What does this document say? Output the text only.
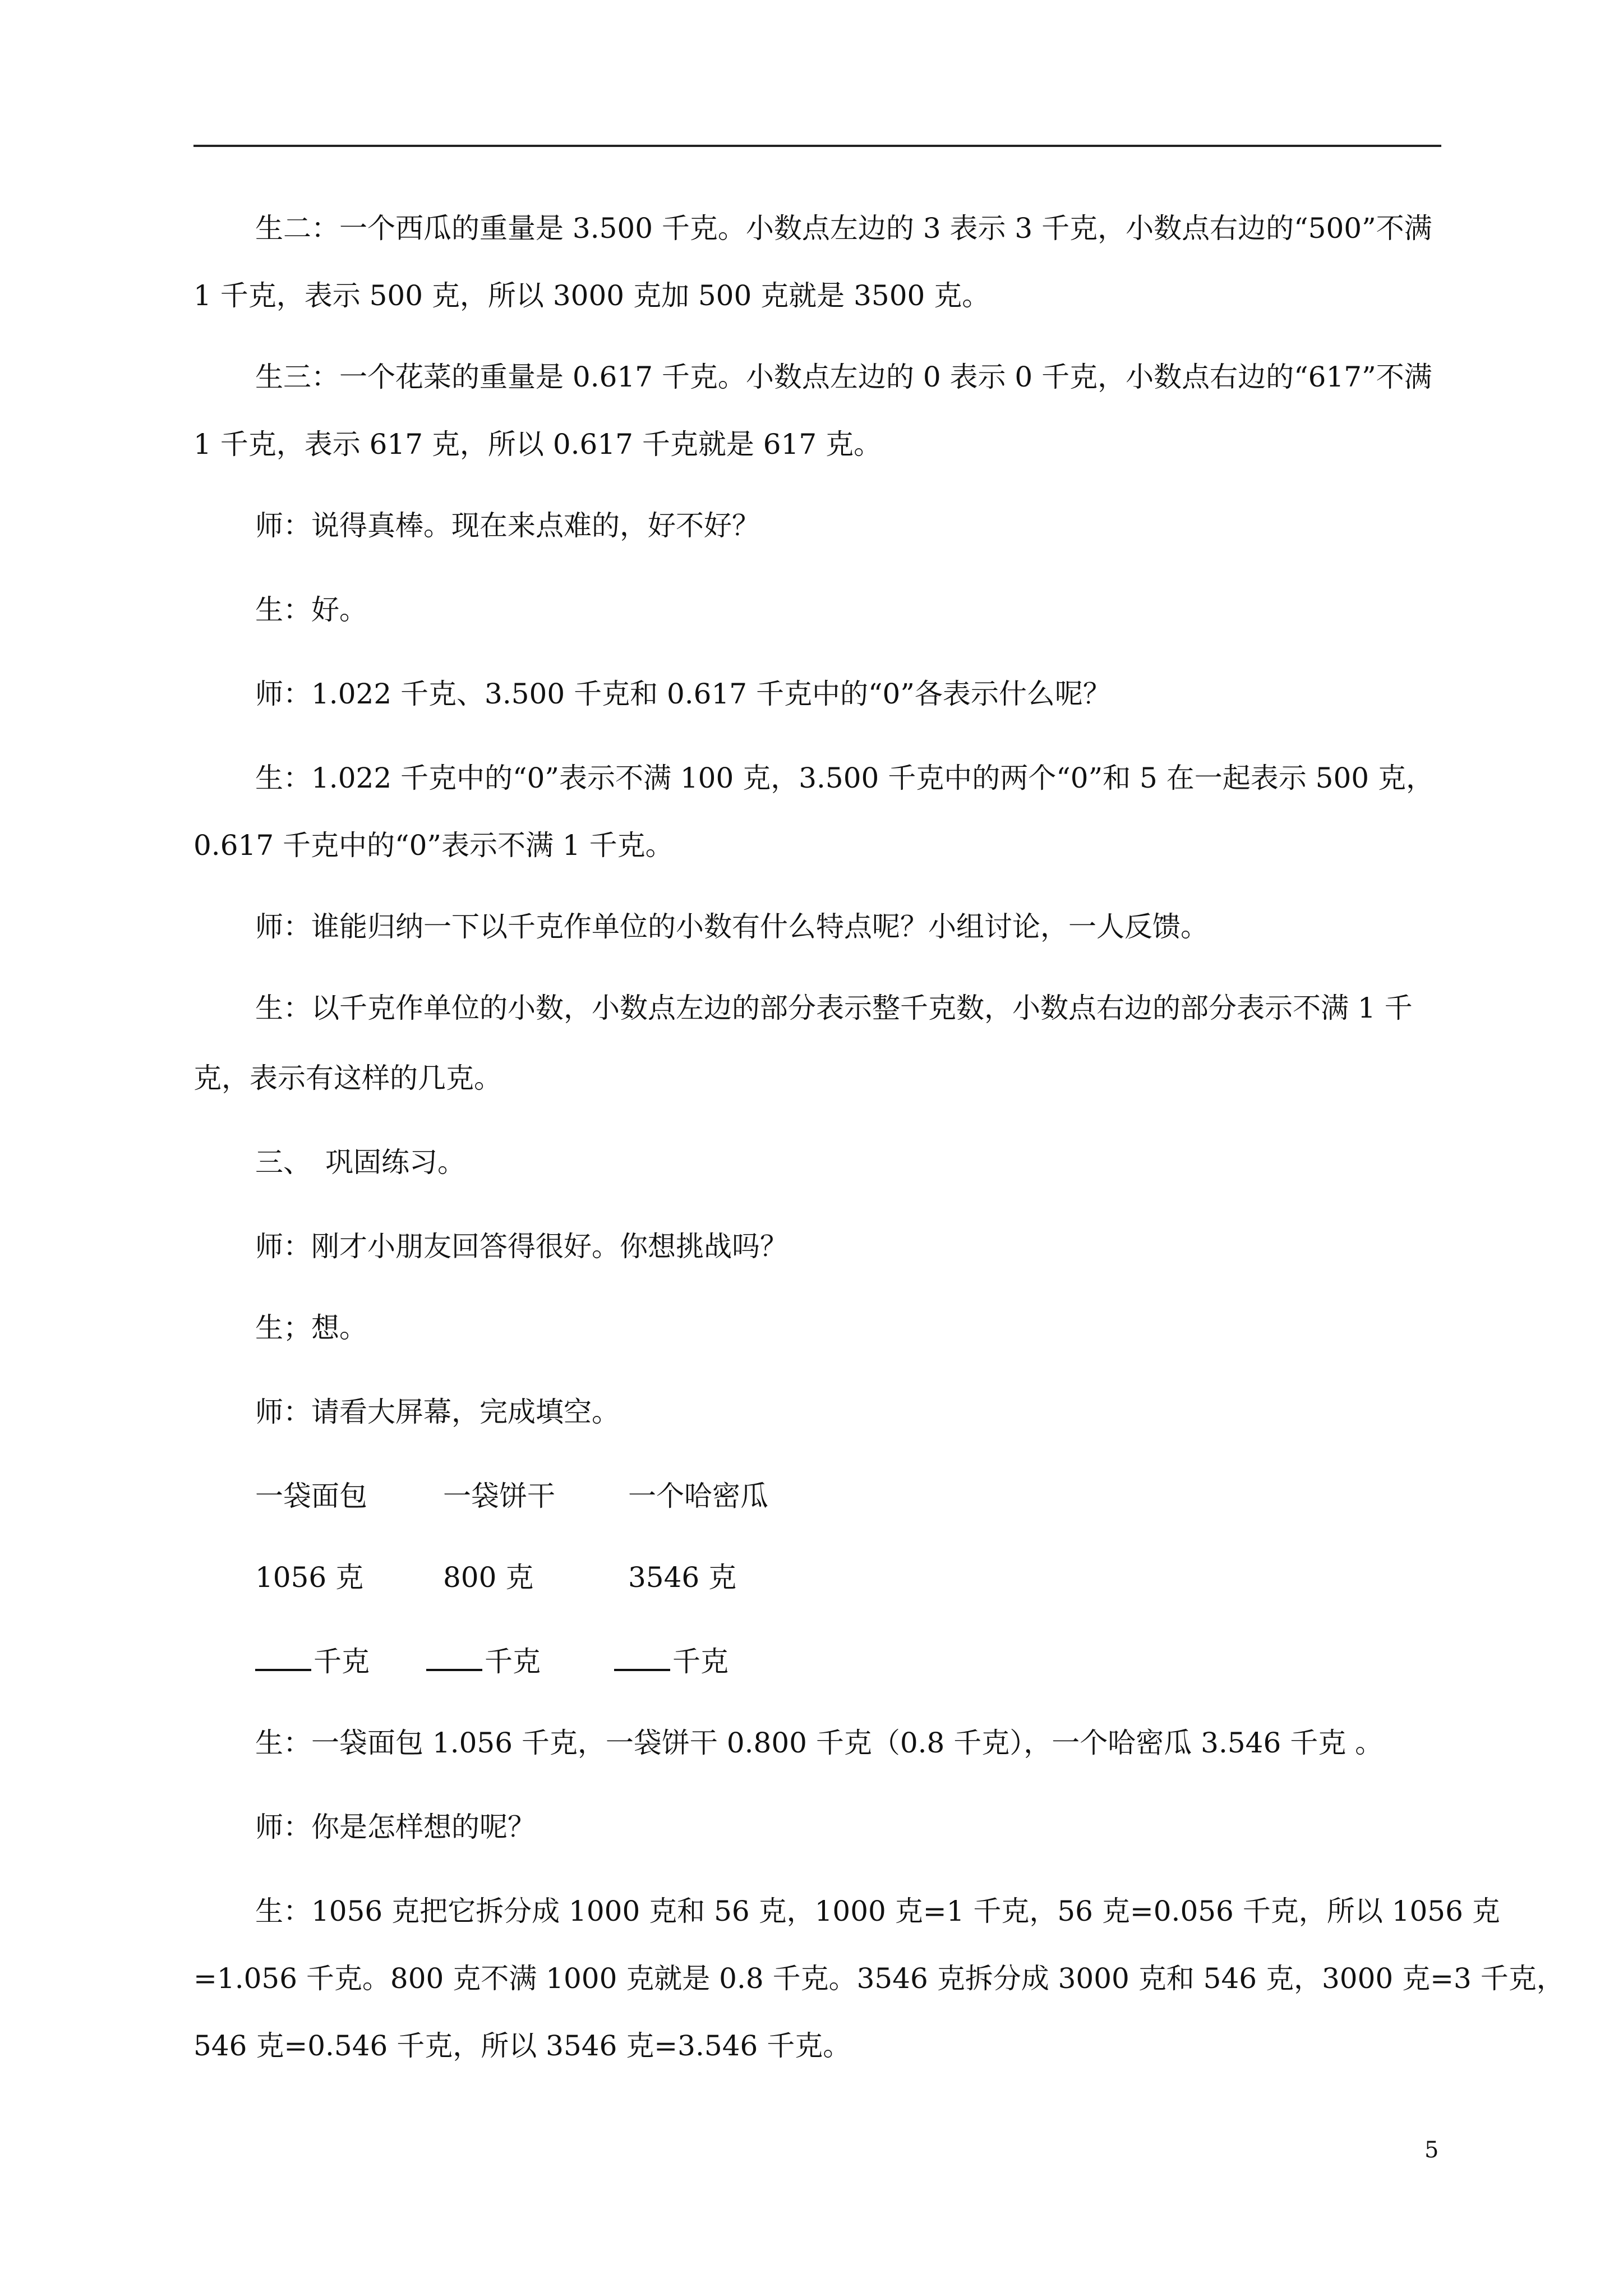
生二：一个西瓜的重量是 3.500 千克。小数点左边的 3 表示 3 千克，小数点右边的“500”不满
1 千克，表示 500 克，所以 3000 克加 500 克就是 3500 克。
生三：一个花菜的重量是 0.617 千克。小数点左边的 0 表示 0 千克，小数点右边的“617”不满
1 千克，表示 617 克，所以 0.617 千克就是 617 克。
师：说得真棒。现在来点难的，好不好？
生：好。
师：1.022 千克、3.500 千克和 0.617 千克中的“0”各表示什么呢？
生：1.022 千克中的“0”表示不满 100 克，3.500 千克中的两个“0”和 5 在一起表示 500 克，
0.617 千克中的“0”表示不满 1 千克。
师：谁能归纳一下以千克作单位的小数有什么特点呢？小组讨论，一人反馈。
生：以千克作单位的小数，小数点左边的部分表示整千克数，小数点右边的部分表示不满 1 千
克，表示有这样的几克。
三、　巩固练习。
师：刚才小朋友回答得很好。你想挑战吗？
生；想。
师：请看大屏幕，完成填空。
一袋面包	一袋饼干	一个哈密瓜
1056 克	800 克	3546 克
千克	千克	千克
生：一袋面包 1.056 千克，一袋饼干 0.800 千克（0.8 千克），一个哈密瓜 3.546 千克 。
师：你是怎样想的呢？
生：1056 克把它拆分成 1000 克和 56 克，1000 克=1 千克，56 克=0.056 千克，所以 1056 克
=1.056 千克。800 克不满 1000 克就是 0.8 千克。3546 克拆分成 3000 克和 546 克，3000 克=3 千克，
546 克=0.546 千克，所以 3546 克=3.546 千克。
5
